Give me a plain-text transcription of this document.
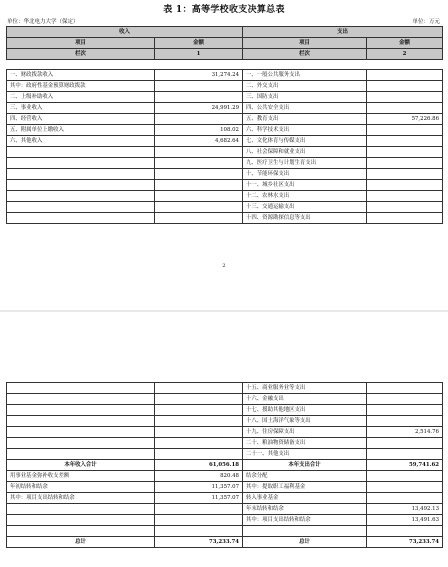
表 1：高等学校收支决算总表
单位：华北电力大学（保定）	单位：万元
收入		支出	
项目	金额	项目	金额
栏次	1	栏次	2
一、财政拨款收入	31,274.24	一、一般公共服务支出	
其中：政府性基金预算财政拨款		二、外交支出	
二、上级补助收入		三、国防支出	
三、事业收入	24,991.29	四、公共安全支出	
四、经营收入		五、教育支出	57,226.86
五、附属单位上缴收入	108.02	六、科学技术支出	
六、其他收入	4,682.64	七、文化体育与传媒支出	
		八、社会保障和就业支出	
		九、医疗卫生与计划生育支出	
		十、节能环保支出	
		十一、城乡社区支出	
		十二、农林水支出	
		十三、交通运输支出	
		十四、资源勘探信息等支出	
2
		十五、商业服务业等支出	
		十六、金融支出	
		十七、援助其他地区支出	
		十八、国土海洋气象等支出	
		十九、住房保障支出	2,514.76
		二十、粮油物资储备支出	
		二十一、其他支出	
本年收入合计	61,056.18	本年支出合计	59,741.62
用事业基金弥补收支差额	820.48	结余分配	
年初结转和结余	11,357.07	其中：提取职工福利基金	
其中：项目支出结转和结余	11,357.07	转入事业基金	
		年末结转和结余	13,492.13
		其中：项目支出结转和结余	13,491.63

总计	73,233.74	总计	73,233.74
